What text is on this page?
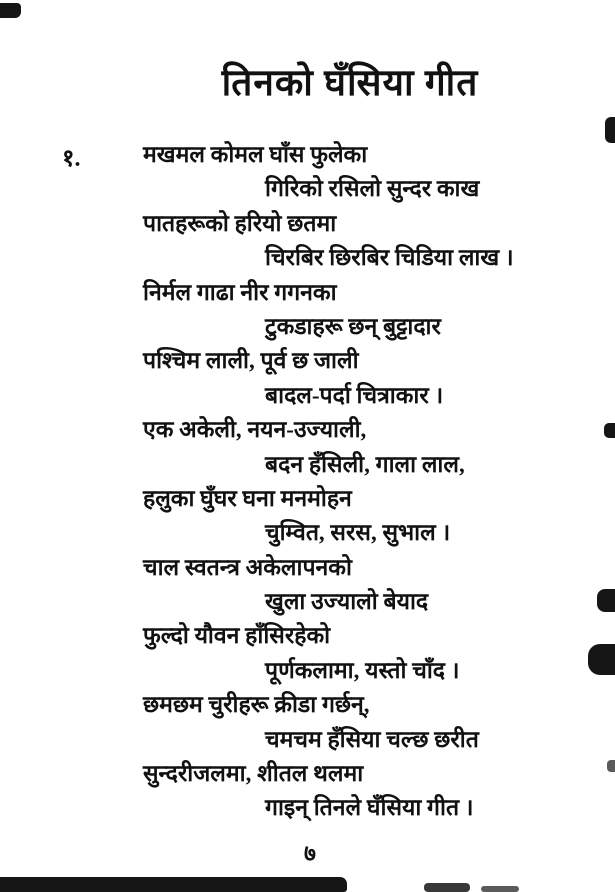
तिनको घँसिया गीत
१.	मखमल कोमल घाँस फुलेका
गिरिको रसिलो सुन्दर काख
पातहरूको हरियो छतमा
चिरबिर छिरबिर चिडिया लाख ।
निर्मल गाढा नीर गगनका
टुकडाहरू छन् बुट्टादार
पश्चिम लाली, पूर्व छ जाली
बादल-पर्दा चित्राकार ।
एक अकेली, नयन-उज्याली,
बदन हँसिली, गाला लाल,
हलुका घुँघर घना मनमोहन
चुम्वित, सरस, सुभाल ।
चाल स्वतन्त्र अकेलापनको
खुला उज्यालो बेयाद
फुल्दो यौवन हाँसिरहेको
पूर्णकलामा, यस्तो चाँद ।
छमछम चुरीहरू क्रीडा गर्छन्,
चमचम हँसिया चल्छ छरीत
सुन्दरीजलमा, शीतल थलमा
गाइन् तिनले घँसिया गीत ।
७
